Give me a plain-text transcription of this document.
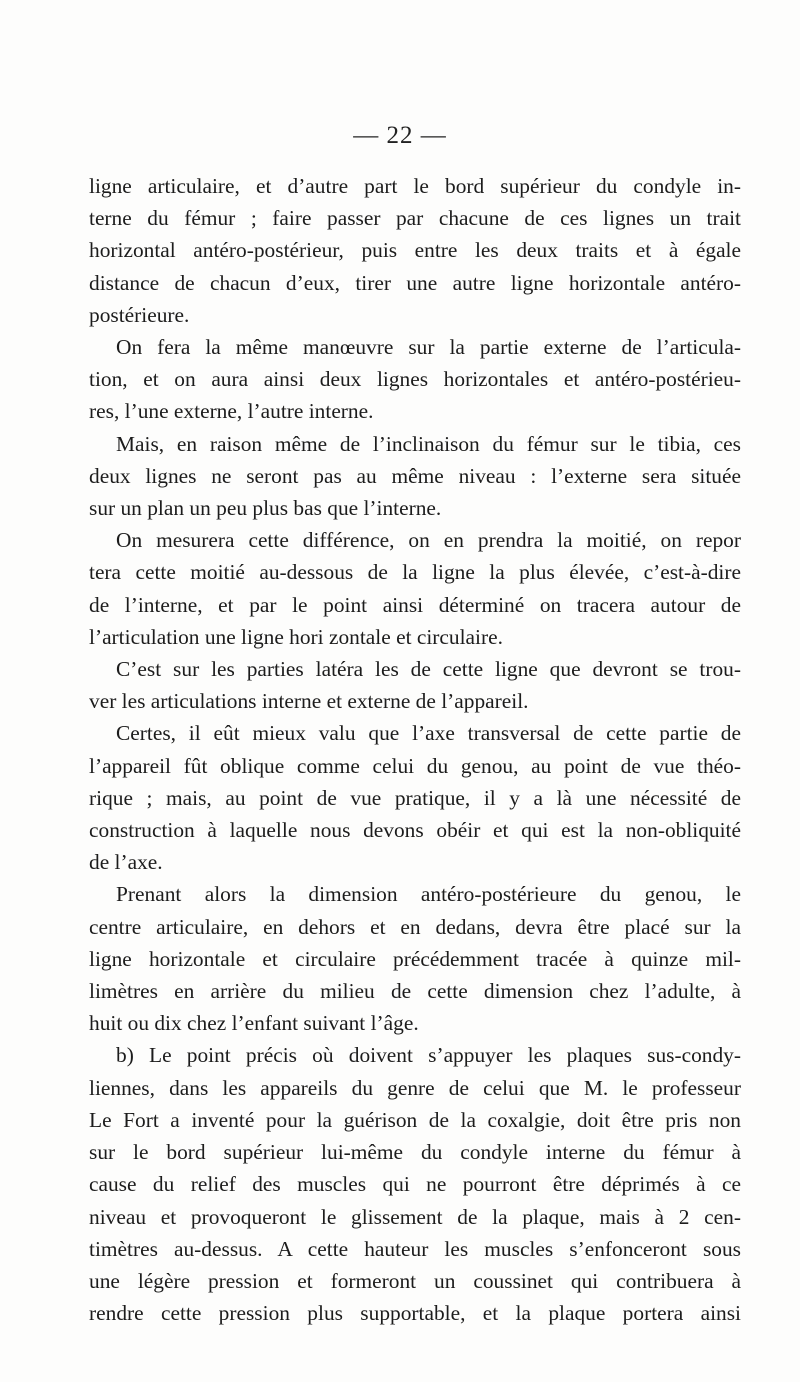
— 22 —

ligne articulaire, et d’autre part le bord supérieur du condyle in-
terne du fémur ; faire passer par chacune de ces lignes un trait
horizontal antéro-postérieur, puis entre les deux traits et à égale
distance de chacun d’eux, tirer une autre ligne horizontale antéro-
postérieure.

On fera la même manœuvre sur la partie externe de l’articula-
tion, et on aura ainsi deux lignes horizontales et antéro-postérieu-
res, l’une externe, l’autre interne.

Mais, en raison même de l’inclinaison du fémur sur le tibia, ces
deux lignes ne seront pas au même niveau : l’externe sera située
sur un plan un peu plus bas que l’interne.

On mesurera cette différence, on en prendra la moitié, on repor
tera cette moitié au-dessous de la ligne la plus élevée, c’est-à-dire
de l’interne, et par le point ainsi déterminé on tracera autour de
l’articulation une ligne hori zontale et circulaire.

C’est sur les parties latéra les de cette ligne que devront se trou-
ver les articulations interne et externe de l’appareil.

Certes, il eût mieux valu que l’axe transversal de cette partie de
l’appareil fût oblique comme celui du genou, au point de vue théo-
rique ; mais, au point de vue pratique, il y a là une nécessité de
construction à laquelle nous devons obéir et qui est la non-obliquité
de l’axe.

Prenant alors la dimension antéro-postérieure du genou, le
centre articulaire, en dehors et en dedans, devra être placé sur la
ligne horizontale et circulaire précédemment tracée à quinze mil-
limètres en arrière du milieu de cette dimension chez l’adulte, à
huit ou dix chez l’enfant suivant l’âge.

b) Le point précis où doivent s’appuyer les plaques sus-condy-
liennes, dans les appareils du genre de celui que M. le professeur
Le Fort a inventé pour la guérison de la coxalgie, doit être pris non
sur le bord supérieur lui-même du condyle interne du fémur à
cause du relief des muscles qui ne pourront être déprimés à ce
niveau et provoqueront le glissement de la plaque, mais à 2 cen-
timètres au-dessus. A cette hauteur les muscles s’enfonceront sous
une légère pression et formeront un coussinet qui contribuera à
rendre cette pression plus supportable, et la plaque portera ainsi
